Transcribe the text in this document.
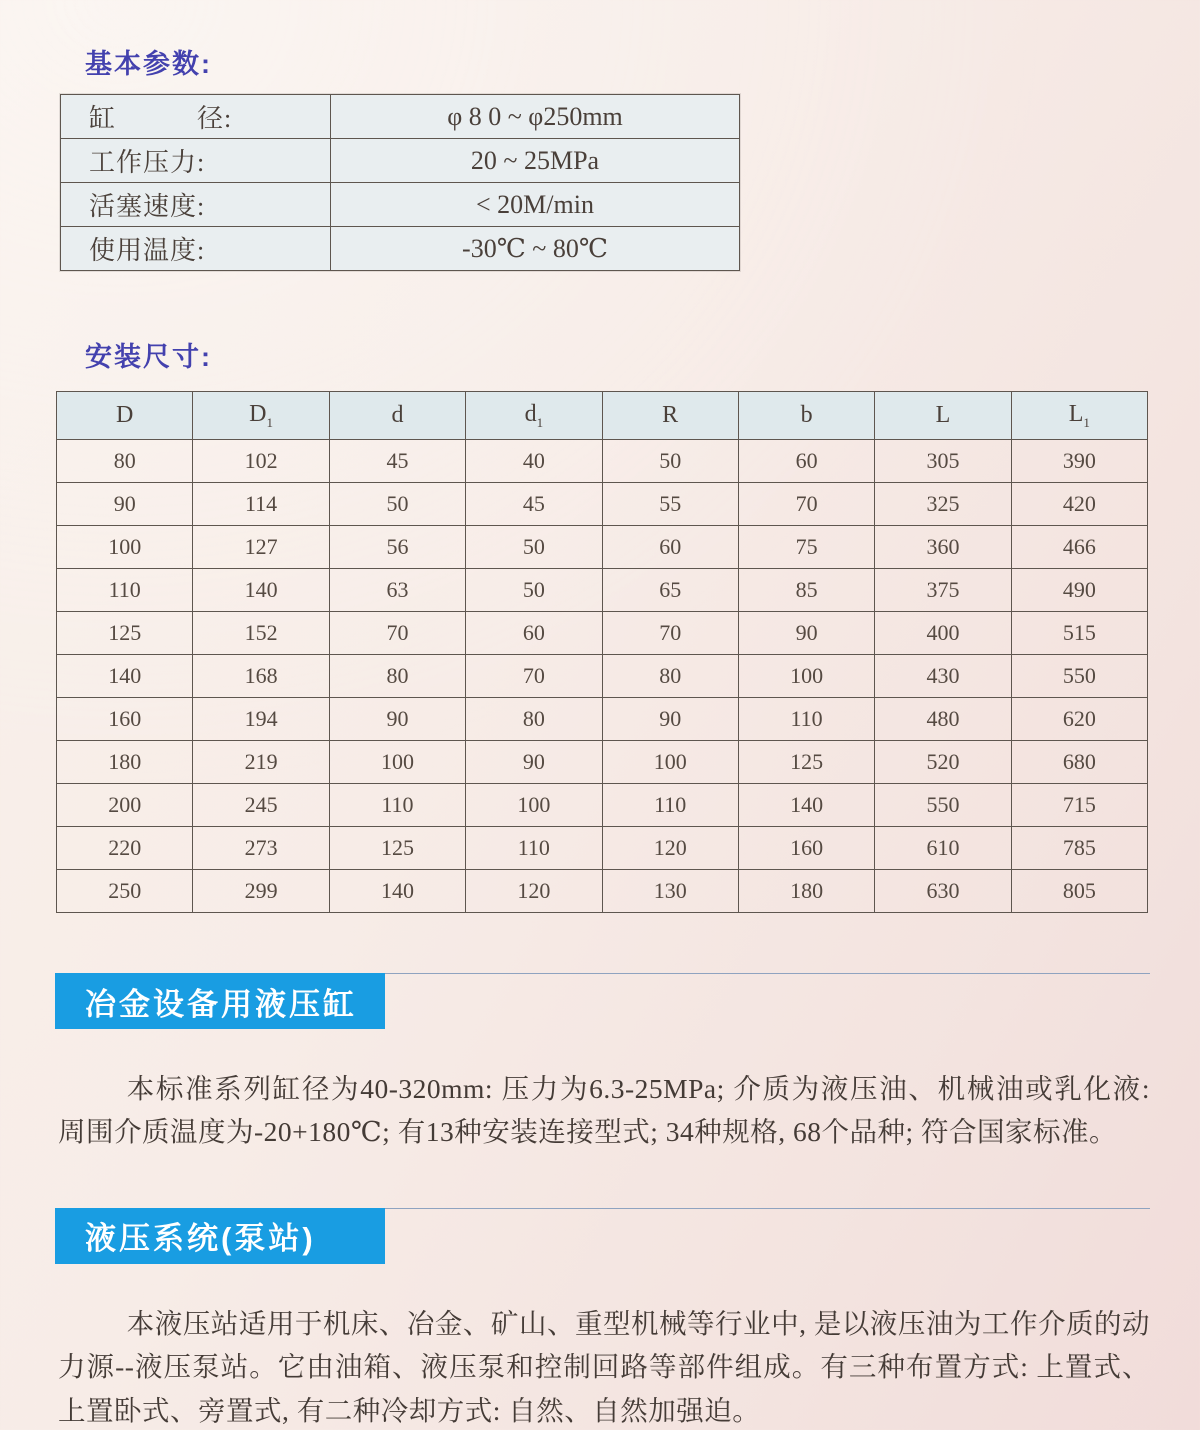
基本参数:
缸　　　径:	φ 8 0 ~ φ250mm
工作压力:	20 ~ 25MPa
活塞速度:	< 20M/min
使用温度:	-30℃ ~ 80℃
安装尺寸:
D	$D_1$	d	$d_1$	R	b	L	$L_1$
80	102	45	40	50	60	305	390
90	114	50	45	55	70	325	420
100	127	56	50	60	75	360	466
110	140	63	50	65	85	375	490
125	152	70	60	70	90	400	515
140	168	80	70	80	100	430	550
160	194	90	80	90	110	480	620
180	219	100	90	100	125	520	680
200	245	110	100	110	140	550	715
220	273	125	110	120	160	610	785
250	299	140	120	130	180	630	805
冶金设备用液压缸

本标准系列缸径为40-320mm: 压力为6.3-25MPa; 介质为液压油、机械油或乳化液: 周围介质温度为-20+180℃; 有13种安装连接型式; 34种规格, 68个品种; 符合国家标准。

液压系统(泵站)

本液压站适用于机床、冶金、矿山、重型机械等行业中, 是以液压油为工作介质的动力源--液压泵站。它由油箱、液压泵和控制回路等部件组成。有三种布置方式: 上置式、上置卧式、旁置式, 有二种冷却方式: 自然、自然加强迫。
